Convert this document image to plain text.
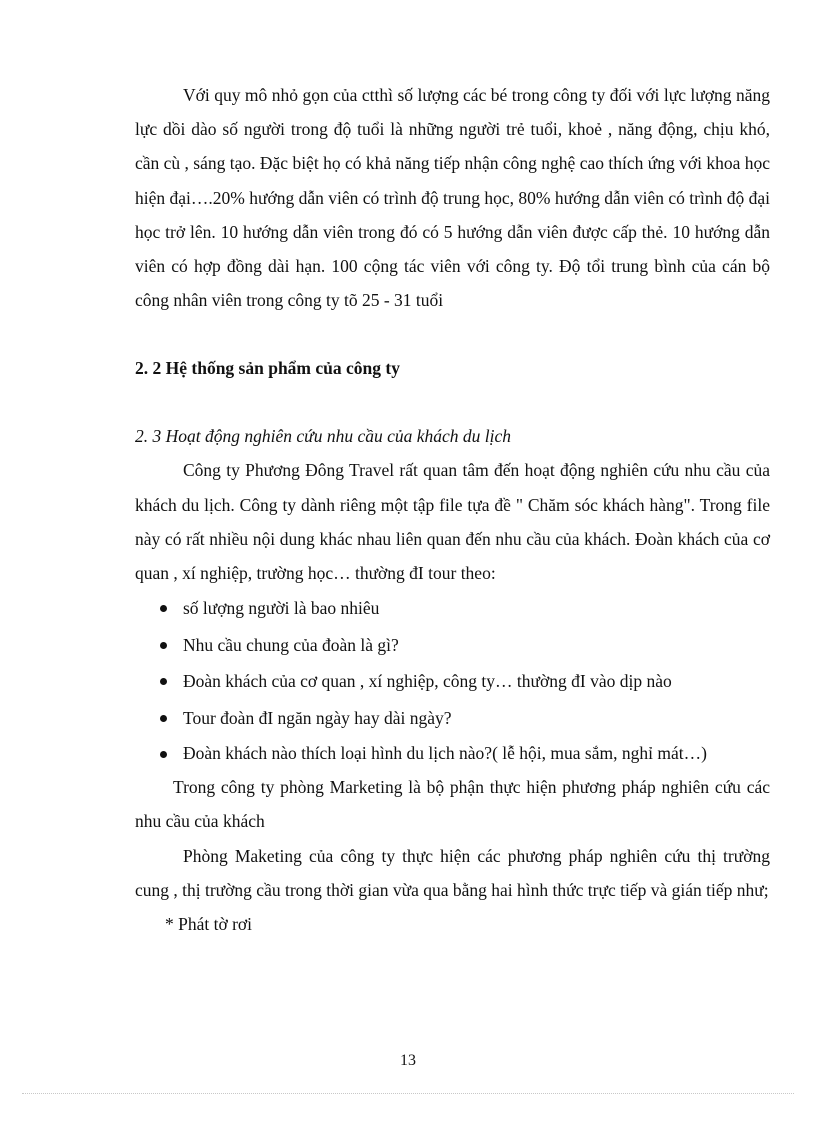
Với quy mô nhỏ gọn của ctthì số lượng các bé trong công ty đối với lực lượng năng lực dồi dào số người trong độ tuổi là những người trẻ tuổi, khoẻ , năng động, chịu khó, cần cù , sáng tạo. Đặc biệt họ có khả năng tiếp nhận công nghệ cao thích ứng với khoa học hiện đại….20% hướng dẫn viên có trình độ trung học, 80% hướng dẫn viên có trình độ đại học trở lên. 10 hướng dẫn viên trong đó có 5 hướng dẫn viên được cấp thẻ. 10 hướng dẫn viên có hợp đồng dài hạn. 100 cộng tác viên với công ty. Độ tổi trung bình của cán bộ công nhân viên trong công ty tõ 25 - 31 tuổi

2. 2 Hệ thống sản phẩm của công ty

2. 3 Hoạt động nghiên cứu nhu cầu của khách du lịch

Công ty Phương Đông Travel rất quan tâm đến hoạt động nghiên cứu nhu cầu của khách du lịch. Công ty dành riêng một tập file tựa đề " Chăm sóc khách hàng". Trong file này có rất nhiều nội dung khác nhau liên quan đến nhu cầu của khách. Đoàn khách của cơ quan , xí nghiệp, trường học… thường đI tour theo:

số lượng người là bao nhiêu
Nhu cầu chung của đoàn là gì?
Đoàn khách của cơ quan , xí nghiệp, công ty… thường đI vào dịp nào
Tour đoàn đI ngăn ngày hay dài ngày?
Đoàn khách nào thích loại hình du lịch nào?( lễ hội, mua sắm, nghỉ mát…)

Trong công ty phòng Marketing là bộ phận thực hiện phương pháp nghiên cứu các nhu cầu của khách

Phòng Maketing của công ty thực hiện các phương pháp nghiên cứu thị trường cung , thị trường cầu trong thời gian vừa qua bằng hai hình thức trực tiếp và gián tiếp như;

* Phát tờ rơi

13
